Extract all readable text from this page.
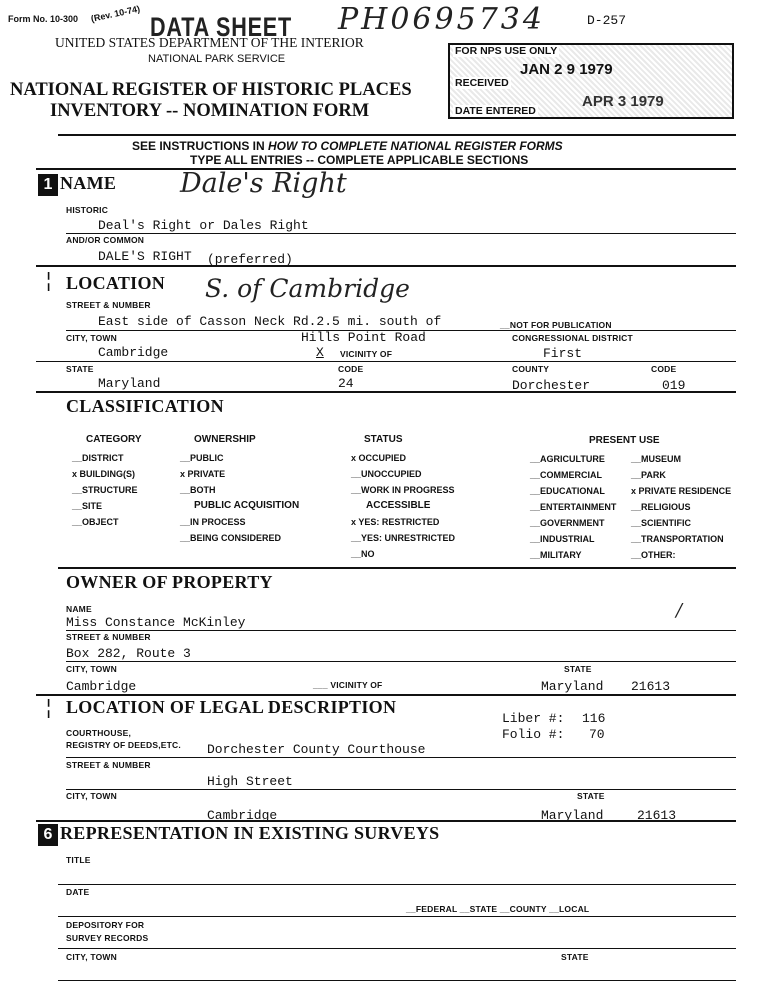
Form No. 10-300 (Rev. 10-74) DATA SHEET PH0695734	D-257
UNITED STATES DEPARTMENT OF THE INTERIOR
NATIONAL PARK SERVICE
NATIONAL REGISTER OF HISTORIC PLACES
INVENTORY -- NOMINATION FORM
FOR NPS USE ONLY
RECEIVED
JAN 2 9 1979
DATE ENTERED
APR 3 1979
SEE INSTRUCTIONS IN HOW TO COMPLETE NATIONAL REGISTER FORMS
TYPE ALL ENTRIES -- COMPLETE APPLICABLE SECTIONS
1 NAME Dale's Right
HISTORIC
Deal's Right or Dales Right
AND/OR COMMON
DALE'S RIGHT (preferred)
¦ LOCATION S. of Cambridge
STREET & NUMBER
East side of Casson Neck Rd.2.5 mi. south of	__NOT FOR PUBLICATION
CITY, TOWN	Hills Point Road	CONGRESSIONAL DISTRICT
Cambridge	X VICINITY OF	First
STATE	CODE	COUNTY	CODE
Maryland	24	Dorchester	019
CLASSIFICATION
CATEGORY
__DISTRICT
x BUILDING(S)
__STRUCTURE
__SITE
__OBJECT
OWNERSHIP
__PUBLIC
x PRIVATE
__BOTH
PUBLIC ACQUISITION
__IN PROCESS
__BEING CONSIDERED
STATUS
x OCCUPIED
__UNOCCUPIED
__WORK IN PROGRESS
ACCESSIBLE
x YES: RESTRICTED
__YES: UNRESTRICTED
__NO
PRESENT USE
__AGRICULTURE
__COMMERCIAL
__EDUCATIONAL
__ENTERTAINMENT
__GOVERNMENT
__INDUSTRIAL
__MILITARY
__MUSEUM
__PARK
x PRIVATE RESIDENCE
__RELIGIOUS
__SCIENTIFIC
__TRANSPORTATION
__OTHER:
OWNER OF PROPERTY
/
NAME
Miss Constance McKinley
STREET & NUMBER
Box 282, Route 3
CITY, TOWN	STATE
Cambridge	___ VICINITY OF	Maryland 21613
¦ LOCATION OF LEGAL DESCRIPTION
Liber #: 116
Folio #: 70
COURTHOUSE,
REGISTRY OF DEEDS,ETC. Dorchester County Courthouse
STREET & NUMBER
High Street
CITY, TOWN	STATE
Cambridge	Maryland	21613
6 REPRESENTATION IN EXISTING SURVEYS
TITLE
DATE
__FEDERAL __STATE __COUNTY __LOCAL
DEPOSITORY FOR
SURVEY RECORDS
CITY, TOWN	STATE
